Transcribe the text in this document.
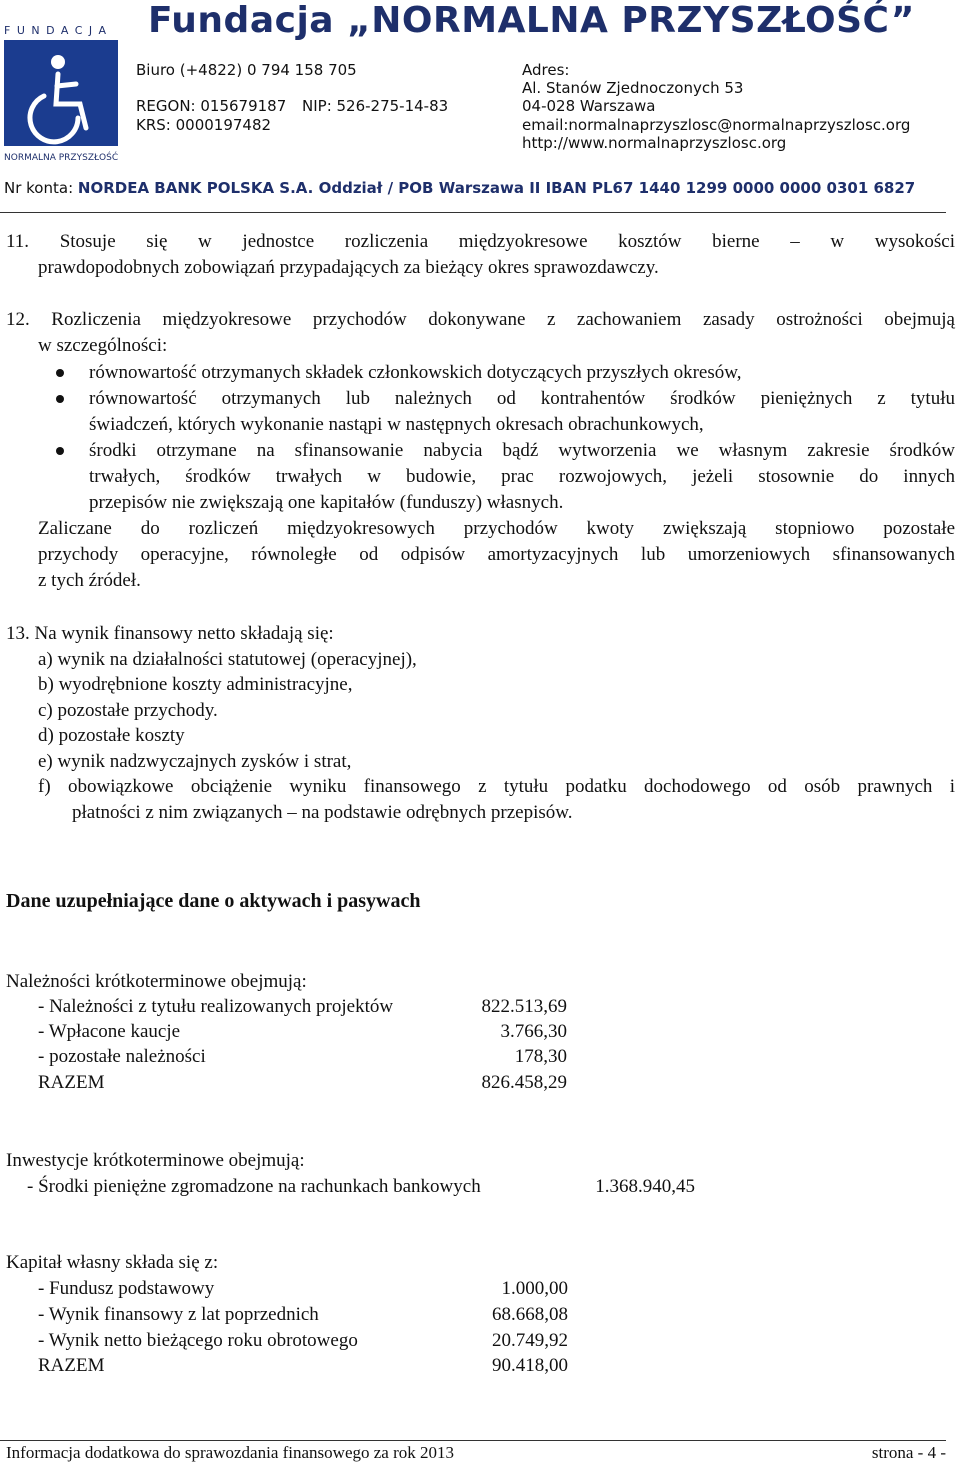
FUNDACJA
NORMALNA PRZYSZŁOŚĆ
Fundacja „NORMALNA PRZYSZŁOŚĆ”
Biuro (+4822) 0 794 158 705
REGON: 015679187 NIP: 526-275-14-83
KRS: 0000197482
Adres:
Al. Stanów Zjednoczonych 53
04-028 Warszawa
email:normalnaprzyszlosc@normalnaprzyszlosc.org
http://www.normalnaprzyszlosc.org
Nr konta: NORDEA BANK POLSKA S.A. Oddział / POB Warszawa II IBAN PL67 1440 1299 0000 0000 0301 6827
11. Stosuje się w jednostce rozliczenia międzyokresowe kosztów bierne – w wysokości
prawdopodobnych zobowiązań przypadających za bieżący okres sprawozdawczy.
12. Rozliczenia międzyokresowe przychodów dokonywane z zachowaniem zasady ostrożności obejmują
w szczególności:
równowartość otrzymanych składek członkowskich dotyczących przyszłych okresów,
równowartość otrzymanych lub należnych od kontrahentów środków pieniężnych z tytułu
świadczeń, których wykonanie nastąpi w następnych okresach obrachunkowych,
środki otrzymane na sfinansowanie nabycia bądź wytworzenia we własnym zakresie środków
trwałych, środków trwałych w budowie, prac rozwojowych, jeżeli stosownie do innych
przepisów nie zwiększają one kapitałów (funduszy) własnych.
Zaliczane do rozliczeń międzyokresowych przychodów kwoty zwiększają stopniowo pozostałe
przychody operacyjne, równoległe od odpisów amortyzacyjnych lub umorzeniowych sfinansowanych
z tych źródeł.
13. Na wynik finansowy netto składają się:
a) wynik na działalności statutowej (operacyjnej),
b) wyodrębnione koszty administracyjne,
c) pozostałe przychody.
d) pozostałe koszty
e) wynik nadzwyczajnych zysków i strat,
f) obowiązkowe obciążenie wyniku finansowego z tytułu podatku dochodowego od osób prawnych i
płatności z nim związanych – na podstawie odrębnych przepisów.
Dane uzupełniające dane o aktywach i pasywach
Należności krótkoterminowe obejmują:
- Należności z tytułu realizowanych projektów	822.513,69
- Wpłacone kaucje	3.766,30
- pozostałe należności	178,30
RAZEM	826.458,29
Inwestycje krótkoterminowe obejmują:
- Środki pieniężne zgromadzone na rachunkach bankowych	1.368.940,45
Kapitał własny składa się z:
- Fundusz podstawowy	1.000,00
- Wynik finansowy z lat poprzednich	68.668,08
- Wynik netto bieżącego roku obrotowego	20.749,92
RAZEM	90.418,00
Informacja dodatkowa do sprawozdania finansowego za rok 2013	strona - 4 -
